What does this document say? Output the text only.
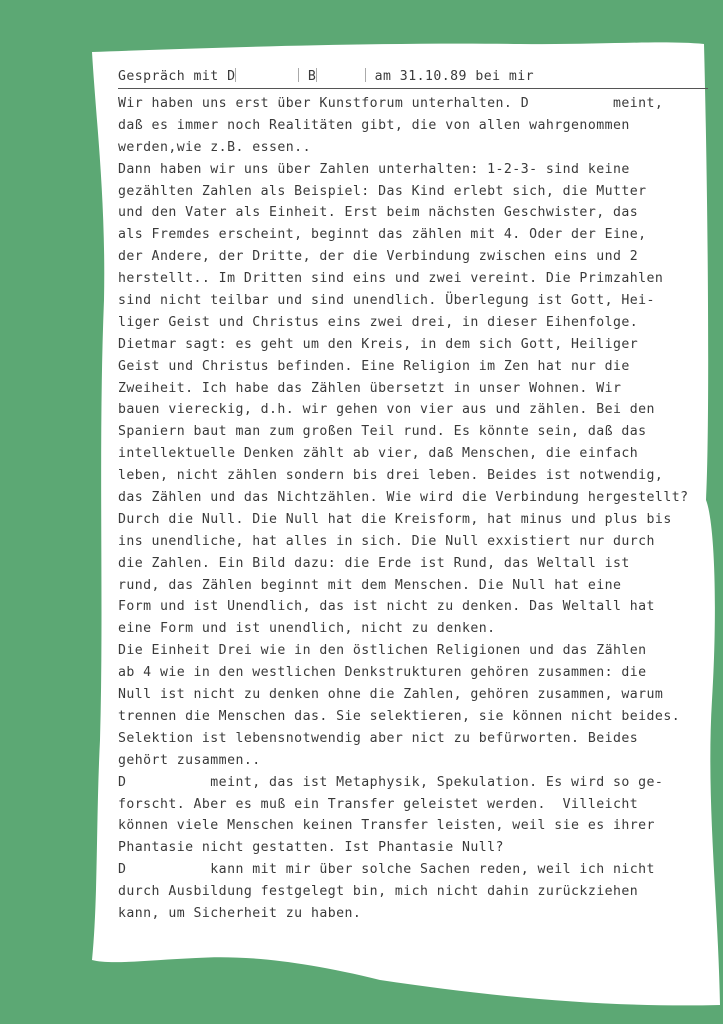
Gespräch mit D	B	am 31.10.89 bei mir
Wir haben uns erst über Kunstforum unterhalten. D          meint,
daß es immer noch Realitäten gibt, die von allen wahrgenommen
werden,wie z.B. essen..
Dann haben wir uns über Zahlen unterhalten: 1-2-3- sind keine
gezählten Zahlen als Beispiel: Das Kind erlebt sich, die Mutter
und den Vater als Einheit. Erst beim nächsten Geschwister, das
als Fremdes erscheint, beginnt das zählen mit 4. Oder der Eine,
der Andere, der Dritte, der die Verbindung zwischen eins und 2
herstellt.. Im Dritten sind eins und zwei vereint. Die Primzahlen
sind nicht teilbar und sind unendlich. Überlegung ist Gott, Hei-
liger Geist und Christus eins zwei drei, in dieser Eihenfolge.
Dietmar sagt: es geht um den Kreis, in dem sich Gott, Heiliger
Geist und Christus befinden. Eine Religion im Zen hat nur die
Zweiheit. Ich habe das Zählen übersetzt in unser Wohnen. Wir
bauen viereckig, d.h. wir gehen von vier aus und zählen. Bei den
Spaniern baut man zum großen Teil rund. Es könnte sein, daß das
intellektuelle Denken zählt ab vier, daß Menschen, die einfach
leben, nicht zählen sondern bis drei leben. Beides ist notwendig,
das Zählen und das Nichtzählen. Wie wird die Verbindung hergestellt?
Durch die Null. Die Null hat die Kreisform, hat minus und plus bis
ins unendliche, hat alles in sich. Die Null exxistiert nur durch
die Zahlen. Ein Bild dazu: die Erde ist Rund, das Weltall ist
rund, das Zählen beginnt mit dem Menschen. Die Null hat eine
Form und ist Unendlich, das ist nicht zu denken. Das Weltall hat
eine Form und ist unendlich, nicht zu denken.
Die Einheit Drei wie in den östlichen Religionen und das Zählen
ab 4 wie in den westlichen Denkstrukturen gehören zusammen: die
Null ist nicht zu denken ohne die Zahlen, gehören zusammen, warum
trennen die Menschen das. Sie selektieren, sie können nicht beides.
Selektion ist lebensnotwendig aber nict zu befürworten. Beides
gehört zusammen..
D          meint, das ist Metaphysik, Spekulation. Es wird so ge-
forscht. Aber es muß ein Transfer geleistet werden.  Villeicht
können viele Menschen keinen Transfer leisten, weil sie es ihrer
Phantasie nicht gestatten. Ist Phantasie Null?
D          kann mit mir über solche Sachen reden, weil ich nicht
durch Ausbildung festgelegt bin, mich nicht dahin zurückziehen
kann, um Sicherheit zu haben.
